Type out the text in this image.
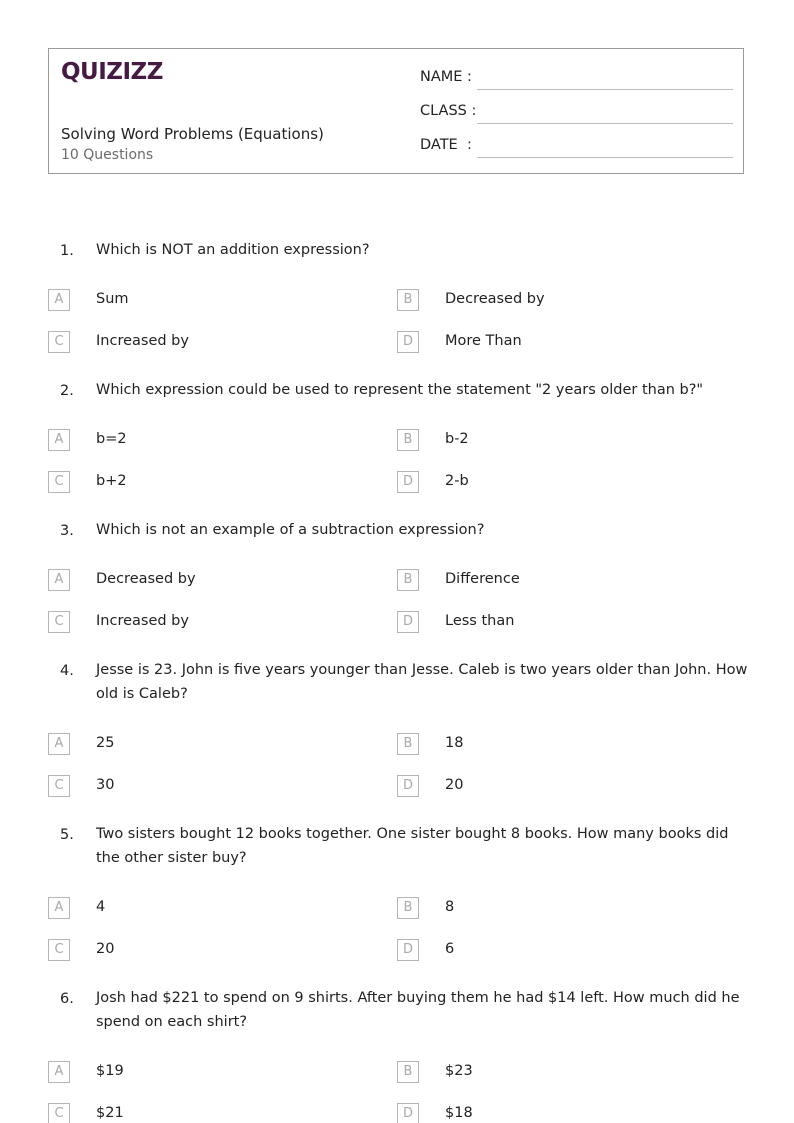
QUIZIZZ
Solving Word Problems (Equations)
10 Questions
NAME :
CLASS :
DATE  :
1. Which is NOT an addition expression?
A	Sum	B	Decreased by
C	Increased by	D	More Than
2. Which expression could be used to represent the statement "2 years older than b?"
A	b=2	B	b-2
C	b+2	D	2-b
3. Which is not an example of a subtraction expression?
A	Decreased by	B	Difference
C	Increased by	D	Less than
4. Jesse is 23. John is five years younger than Jesse. Caleb is two years older than John. How old is Caleb?
A	25	B	18
C	30	D	20
5. Two sisters bought 12 books together. One sister bought 8 books. How many books did the other sister buy?
A	4	B	8
C	20	D	6
6. Josh had $221 to spend on 9 shirts. After buying them he had $14 left. How much did he spend on each shirt?
A	$19	B	$23
C	$21	D	$18
